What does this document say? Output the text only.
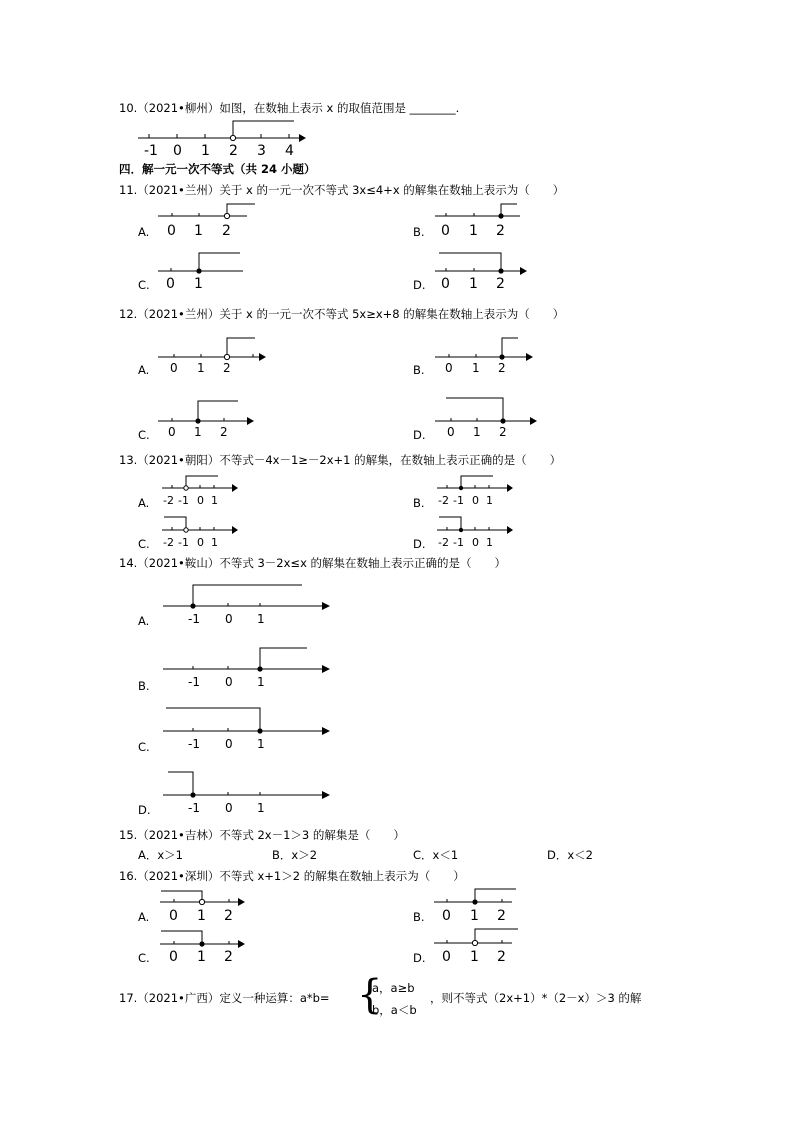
10.（2021•柳州）如图，在数轴上表示 x 的取值范围是 ________.
-1 0 1 2 3 4
四．解一元一次不等式（共 24 小题）
11.（2021•兰州）关于 x 的一元一次不等式 3x≤4+x 的解集在数轴上表示为（　　）
A.	B.
C.	D.
0 1 2	0 1 2
0 1	0 1 2
12.（2021•兰州）关于 x 的一元一次不等式 5x≥x+8 的解集在数轴上表示为（　　）
A.	B.
C.	D.
0 1 2	0 1 2
0 1 2	0 1 2
13.（2021•朝阳）不等式－4x－1≥－2x+1 的解集，在数轴上表示正确的是（　　）
A.	B.
C.	D.
-2 -1 0 1	-2 -1 0 1
-2 -1 0 1	-2 -1 0 1
14.（2021•鞍山）不等式 3－2x≤x 的解集在数轴上表示正确的是（　　）
A.
B.
C.
D.
-1 0 1
-1 0 1
-1 0 1
-1 0 1
15.（2021•吉林）不等式 2x－1＞3 的解集是（　　）
A．x＞1	B．x＞2	C．x＜1	D．x＜2
16.（2021•深圳）不等式 x+1＞2 的解集在数轴上表示为（　　）
A.	B.
C.	D.
0 1 2	0 1 2
0 1 2	0 1 2
17.（2021•广西）定义一种运算：a*b= {
a，a≥b
b，a＜b
，则不等式（2x+1）*（2－x）＞3 的解
